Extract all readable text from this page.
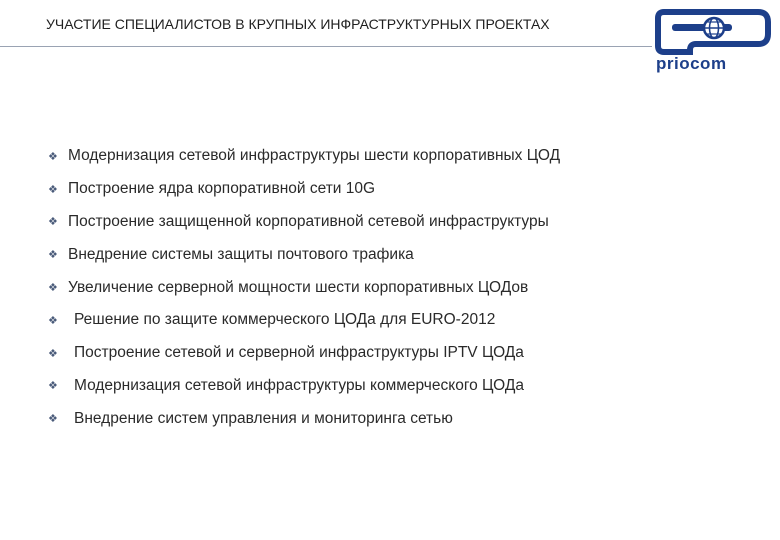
УЧАСТИЕ СПЕЦИАЛИСТОВ В КРУПНЫХ ИНФРАСТРУКТУРНЫХ ПРОЕКТАХ
priocom
❖ Модернизация сетевой инфраструктуры шести корпоративных ЦОД
❖ Построение ядра корпоративной сети 10G
❖ Построение защищенной корпоративной сетевой инфраструктуры
❖ Внедрение системы защиты почтового трафика
❖ Увеличение серверной мощности шести корпоративных ЦОДов
❖	Решение по защите коммерческого ЦОДа для EURO-2012
❖	Построение сетевой и серверной инфраструктуры IPTV ЦОДа
❖	Модернизация сетевой инфраструктуры коммерческого ЦОДа
❖	Внедрение систем управления и мониторинга сетью
